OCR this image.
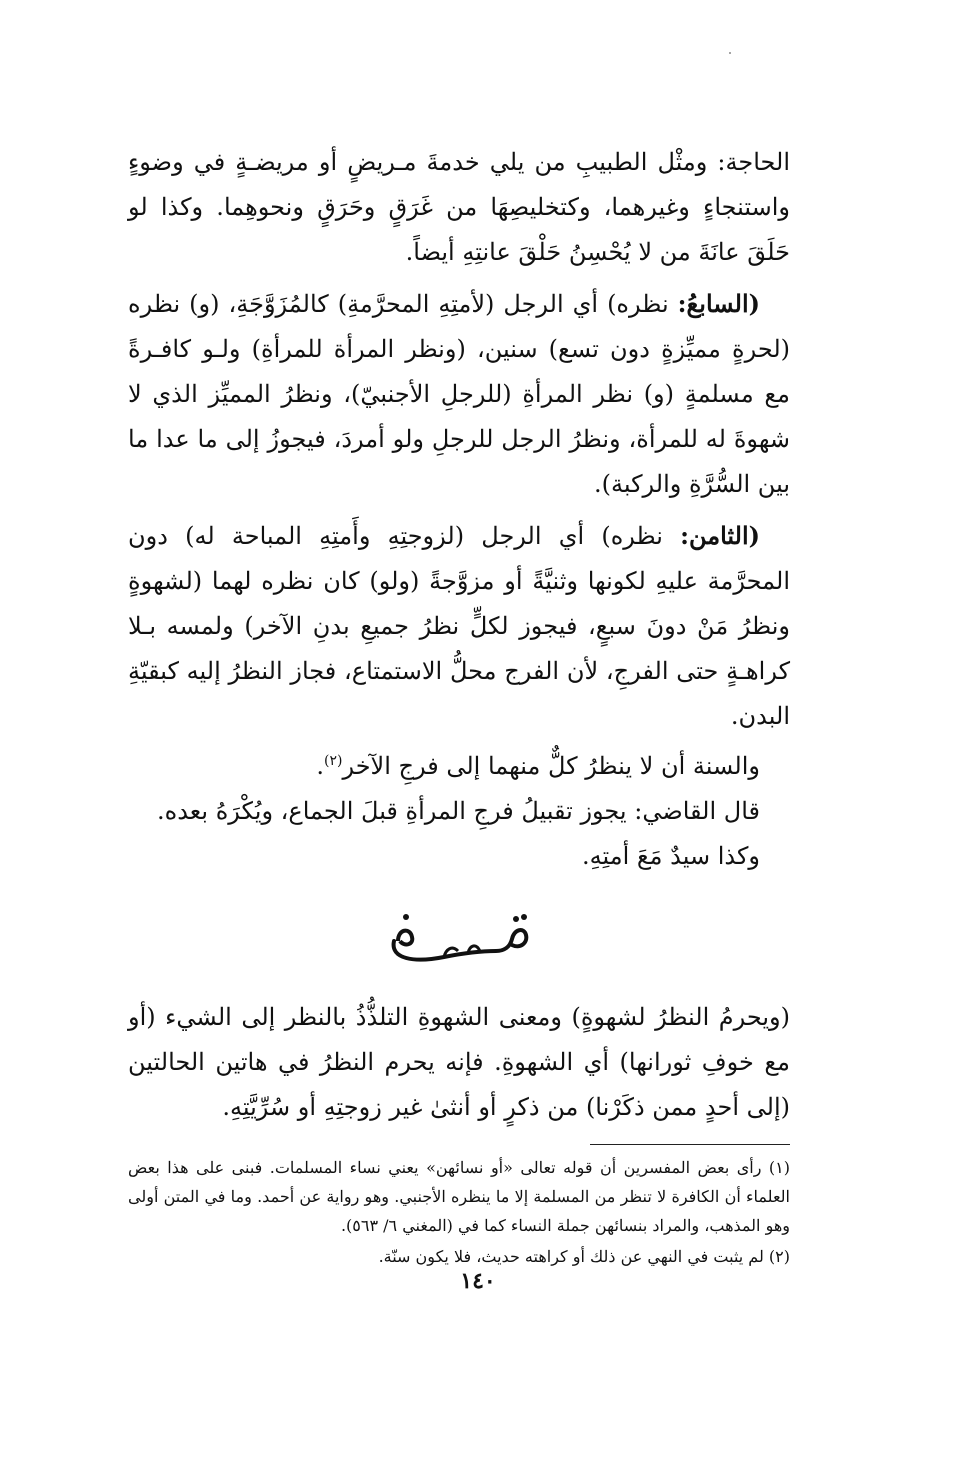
الحاجة: ومثْل الطبيبِ من يلي خدمةَ مـريضٍ أو مريضـةٍ في وضوءٍ واستنجاءٍ وغيرهما، وكتخليصِهَا من غَرَقٍ وحَرَقٍ ونحوهِما. وكذا لو حَلَقَ عانَةَ من لا يُحْسِنُ حَلْقَ عانتِهِ أيضاً.

(السابعُ: نظره) أي الرجل (لأمتِهِ المحرَّمةِ) كالمُزَوَّجَةِ، (و) نظره (لحرةٍ مميِّزةٍ دون تسع) سنين، (ونظر المرأة للمرأةِ) ولـو كافـرةً مع مسلمةٍ (و) نظر المرأةِ (للرجلِ الأجنبيّ)، ونظرُ المميِّز الذي لا شهوةَ له للمرأة، ونظرُ الرجل للرجلِ ولو أمردَ، فيجوزُ إلى ما عدا ما بين السُّرَّةِ والركبة).

(الثامن: نظره) أي الرجل (لزوجتِهِ وأَمتِهِ المباحة له) دون المحرَّمة عليهِ لكونها وثنيَّةً أو مزوَّجةً (ولو) كان نظره لهما (لشهوةٍ ونظرُ مَنْ دونَ سبعٍ، فيجوز لكلٍّ نظرُ جميعِ بدنِ الآخر) ولمسه بـلا كراهـةٍ حتى الفرجِ، لأن الفرج محلُّ الاستمتاع، فجاز النظرُ إليه كبقيّةِ البدن.

والسنة أن لا ينظرُ كلٌّ منهما إلى فرجِ الآخر$^{(٢)}$.

قال القاضي: يجوز تقبيلُ فرجِ المرأةِ قبلَ الجماع، ويُكْرَهُ بعده.

وكذا سيدٌ مَعَ أمتِهِ.

(ويحرمُ النظرُ لشهوةٍ) ومعنى الشهوةِ التلذُّذُ بالنظر إلى الشيء (أو مع خوفِ ثورانها) أي الشهوةِ. فإنه يحرم النظرُ في هاتين الحالتين (إلى أحدٍ ممن ذكَرْنا) من ذكرٍ أو أنثىٰ غير زوجتِهِ أو سُرِّيَّتِهِ.

(١) رأى بعض المفسرين أن قوله تعالى «أو نسائهن» يعني نساء المسلمات. فبنى على هذا بعض العلماء أن الكافرة لا تنظر من المسلمة إلا ما ينظره الأجنبي. وهو رواية عن أحمد. وما في المتن أولى وهو المذهب، والمراد بنسائهن جملة النساء كما في (المغني ٦/ ٥٦٣).

(٢) لم يثبت في النهي عن ذلك أو كراهته حديث، فلا يكون سنّة.

١٤٠
